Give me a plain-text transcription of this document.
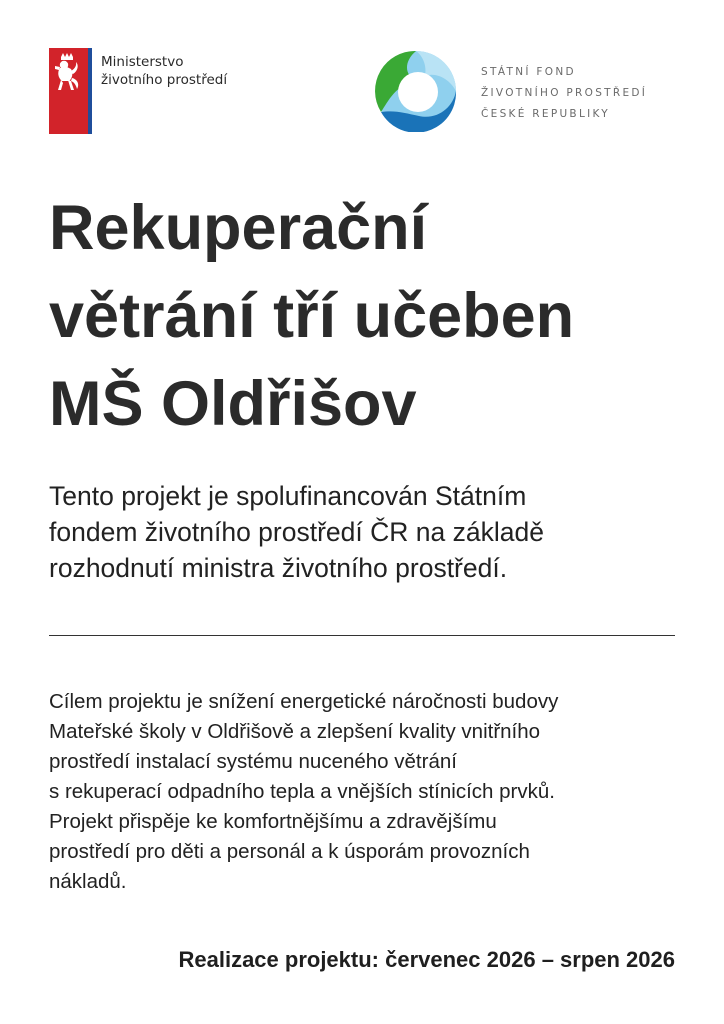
Ministerstvo
životního prostředí	STÁTNÍ FOND
ŽIVOTNÍHO PROSTŘEDÍ
ČESKÉ REPUBLIKY
Rekuperační
větrání tří učeben
MŠ Oldřišov
Tento projekt je spolufinancován Státním
fondem životního prostředí ČR na základě
rozhodnutí ministra životního prostředí.
Cílem projektu je snížení energetické náročnosti budovy
Mateřské školy v Oldřišově a zlepšení kvality vnitřního
prostředí instalací systému nuceného větrání
s rekuperací odpadního tepla a vnějších stínicích prvků.
Projekt přispěje ke komfortnějšímu a zdravějšímu
prostředí pro děti a personál a k úsporám provozních
nákladů.
Realizace projektu: červenec 2026 – srpen 2026
